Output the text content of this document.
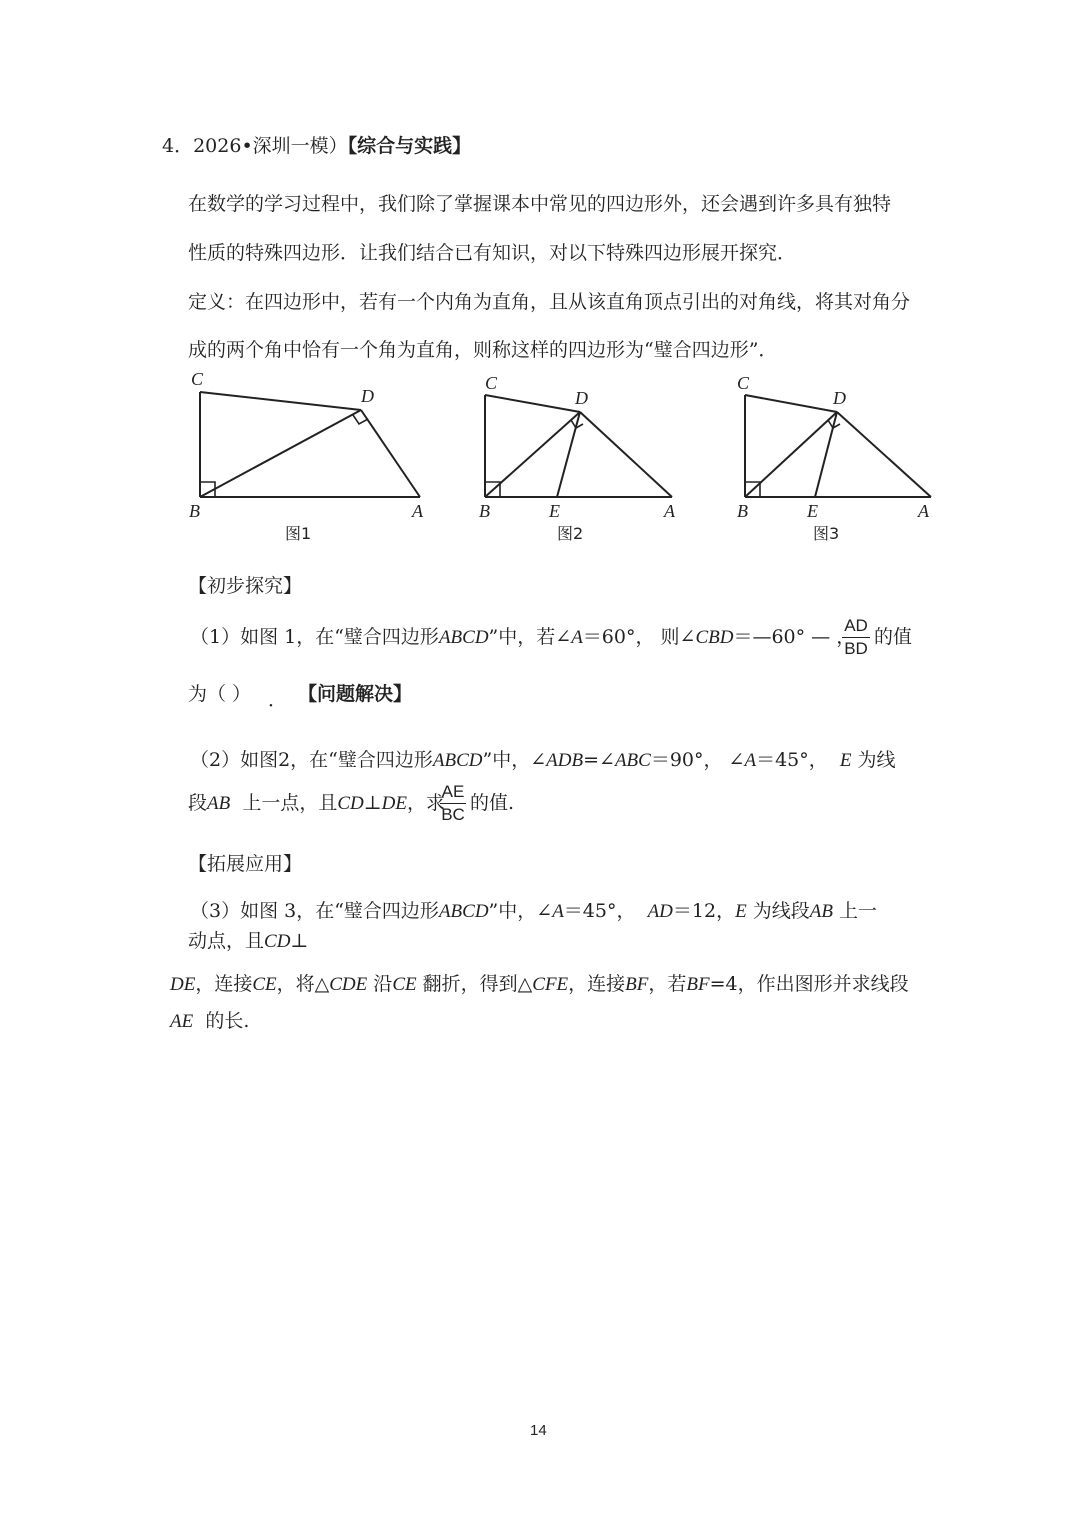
4．2026•深圳一模）【综合与实践】
在数学的学习过程中，我们除了掌握课本中常见的四边形外，还会遇到许多具有独特
性质的特殊四边形．让我们结合已有知识，对以下特殊四边形展开探究．
定义：在四边形中，若有一个内角为直角，且从该直角顶点引出的对角线，将其对角分
成的两个角中恰有一个角为直角，则称这样的四边形为“璧合四边形”．
C
D
B	A
图1
C
D
B	E	A
图2
C
D
B	E	A
图3
【初步探究】
（1）如图 1，在“璧合四边形ABCD”中，若∠A＝60°， 则∠CBD＝—60° — ，
AD
BD
的值
为（ ） ． 【问题解决】
（2）如图2，在“璧合四边形ABCD”中，∠ADB=∠ABC＝90°， ∠A＝45°， E 为线
段AB 上一点，且CD⊥DE，求
AE
BC
的值.
【拓展应用】
（3）如图 3，在“璧合四边形ABCD”中，∠A＝45°， AD＝12，E 为线段AB 上一
动点，且CD⊥
DE，连接CE，将△CDE 沿CE 翻折，得到△CFE，连接BF，若BF=4，作出图形并求线段
AE 的长.
14
